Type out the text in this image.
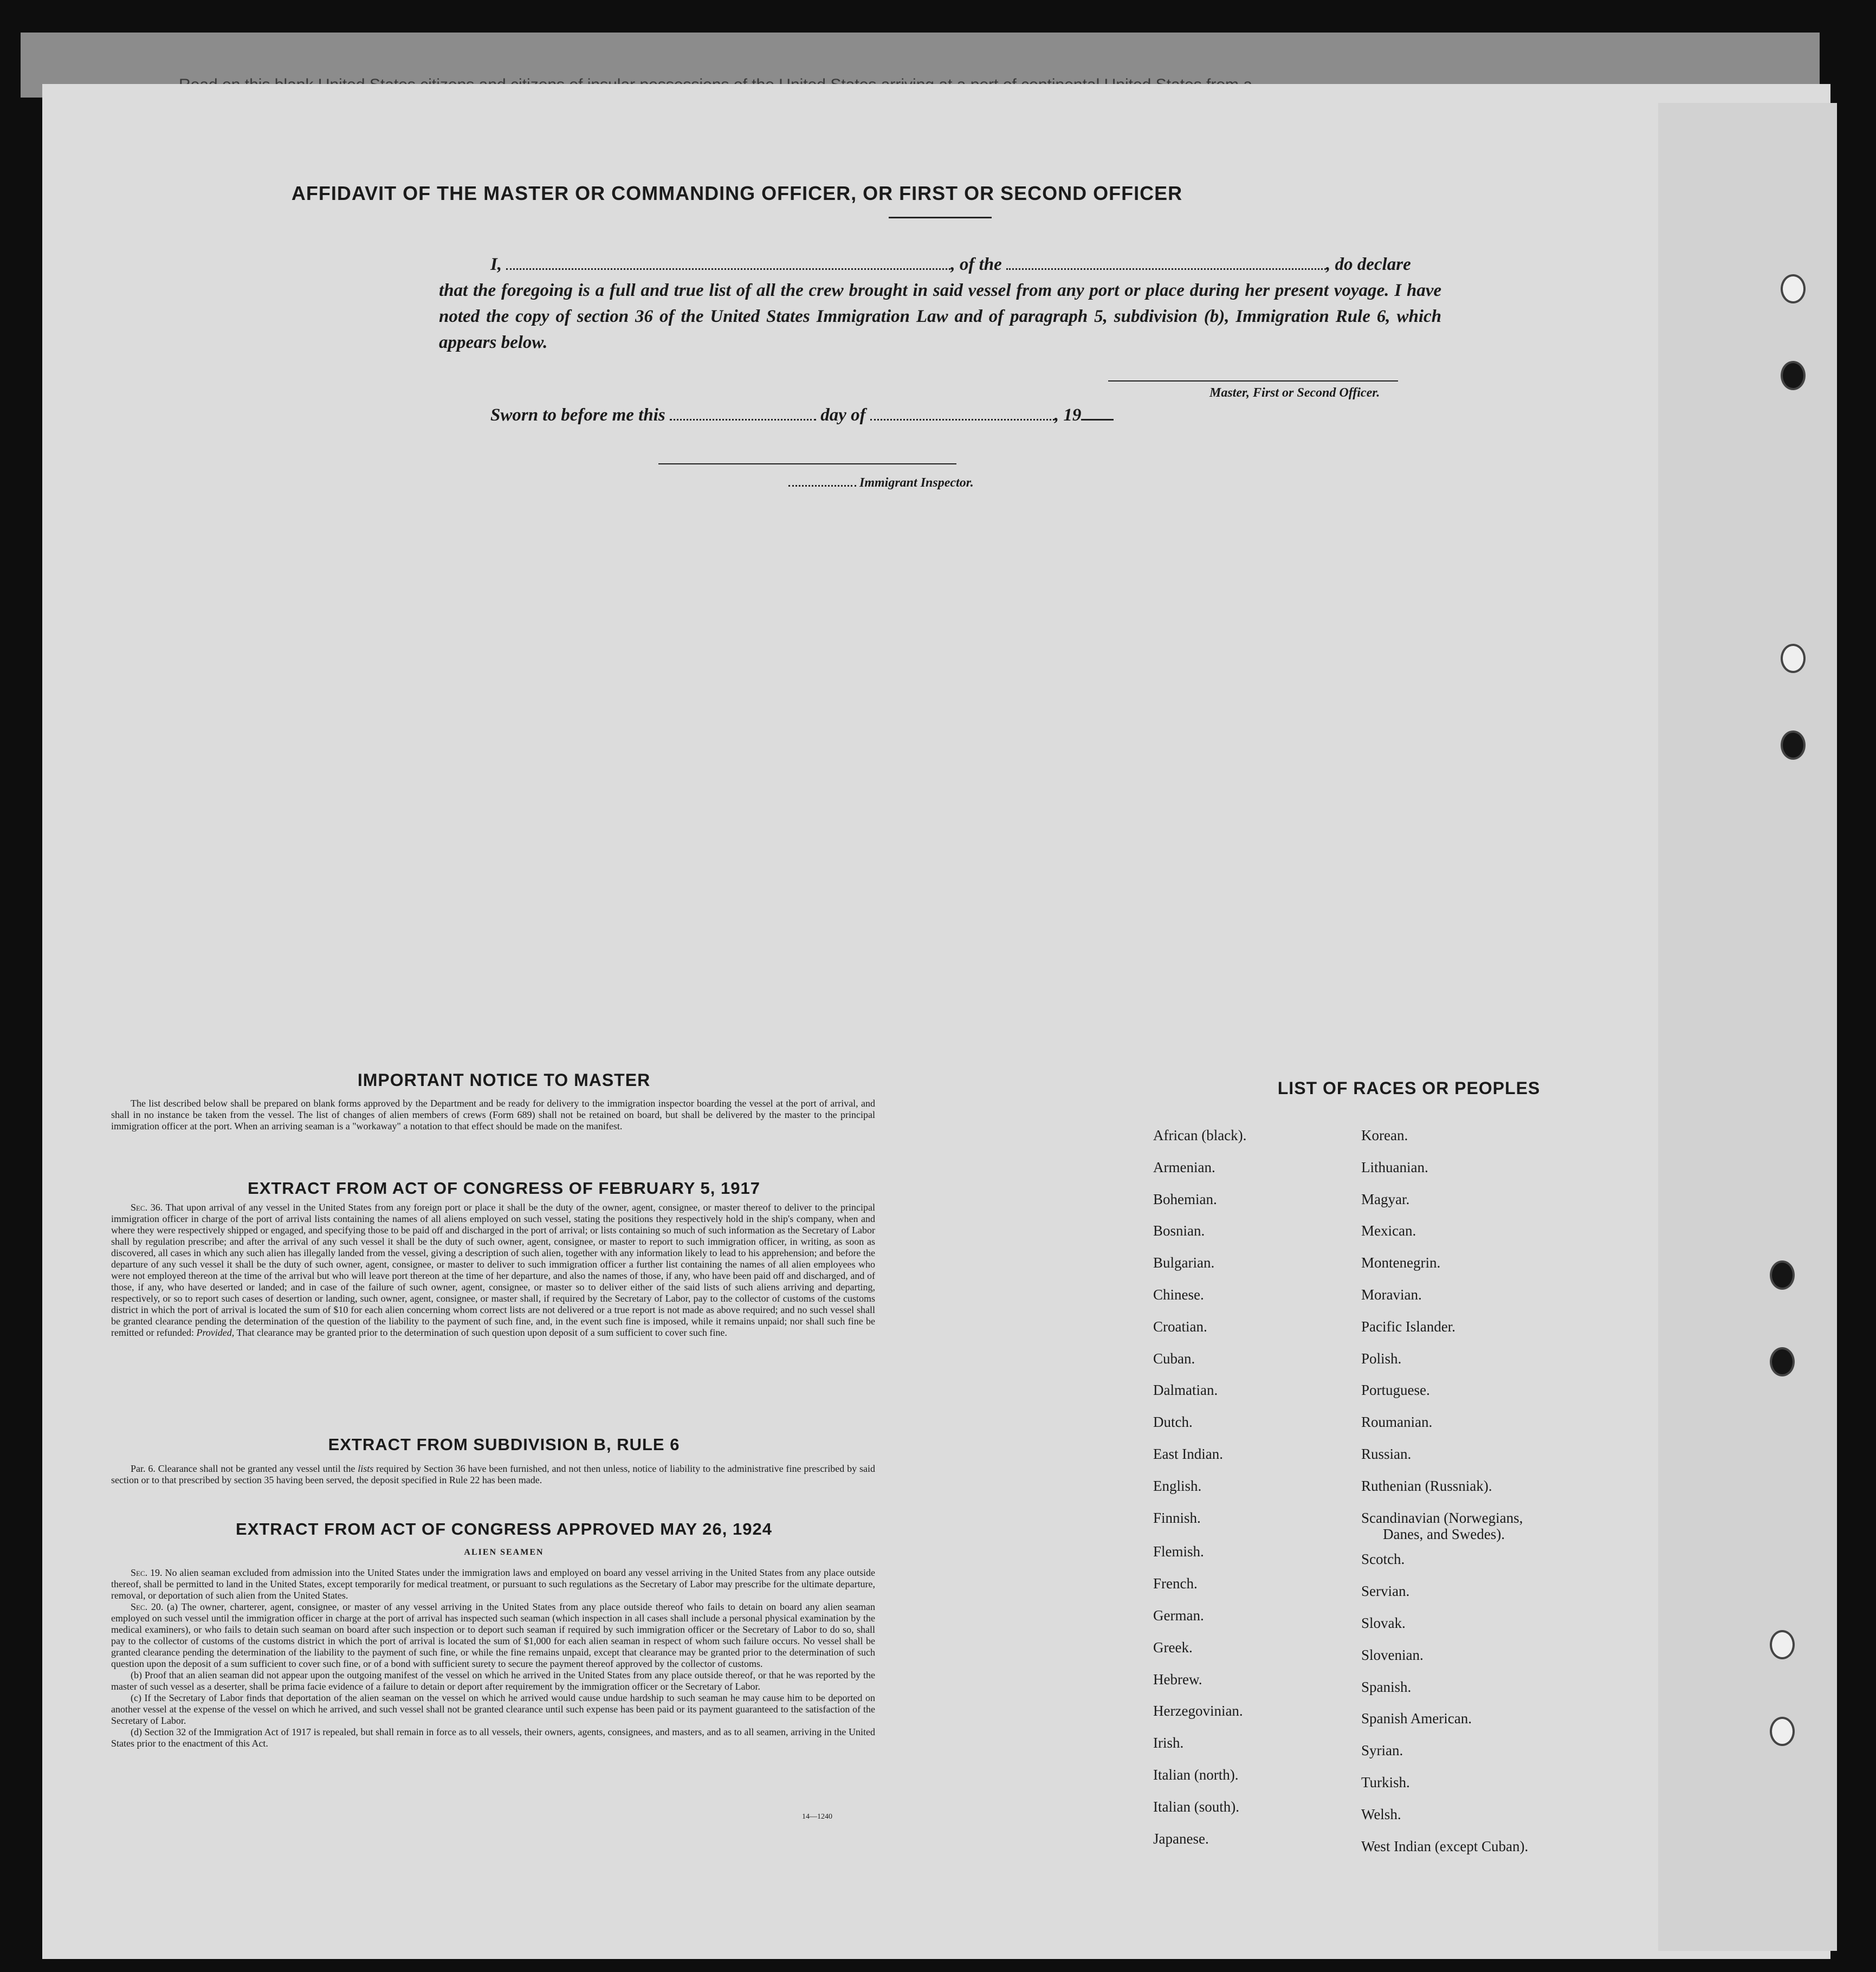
AFFIDAVIT OF THE MASTER OR COMMANDING OFFICER, OR FIRST OR SECOND OFFICER
I,	, of the	, do declare
that the foregoing is a full and true list of all the crew brought in said vessel from any port or place during her present voyage. I have noted the copy of section 36 of the United States Immigration Law and of paragraph 5, subdivision (b), Immigration Rule 6, which appears below.
Master, First or Second Officer.
Sworn to before me this	day of	, 19
Immigrant Inspector.
IMPORTANT NOTICE TO MASTER

The list described below shall be prepared on blank forms approved by the Department and be ready for delivery to the immigration inspector boarding the vessel at the port of arrival, and shall in no instance be taken from the vessel. The list of changes of alien members of crews (Form 689) shall not be retained on board, but shall be delivered by the master to the principal immigration officer at the port. When an arriving seaman is a "workaway" a notation to that effect should be made on the manifest.

EXTRACT FROM ACT OF CONGRESS OF FEBRUARY 5, 1917

Sec. 36. That upon arrival of any vessel in the United States from any foreign port or place it shall be the duty of the owner, agent, consignee, or master thereof to deliver to the principal immigration officer in charge of the port of arrival lists containing the names of all aliens employed on such vessel, stating the positions they respectively hold in the ship's company, when and where they were respectively shipped or engaged, and specifying those to be paid off and discharged in the port of arrival; or lists containing so much of such information as the Secretary of Labor shall by regulation prescribe; and after the arrival of any such vessel it shall be the duty of such owner, agent, consignee, or master to report to such immigration officer, in writing, as soon as discovered, all cases in which any such alien has illegally landed from the vessel, giving a description of such alien, together with any information likely to lead to his apprehension; and before the departure of any such vessel it shall be the duty of such owner, agent, consignee, or master to deliver to such immigration officer a further list containing the names of all alien employees who were not employed thereon at the time of the arrival but who will leave port thereon at the time of her departure, and also the names of those, if any, who have been paid off and discharged, and of those, if any, who have deserted or landed; and in case of the failure of such owner, agent, consignee, or master so to deliver either of the said lists of such aliens arriving and departing, respectively, or so to report such cases of desertion or landing, such owner, agent, consignee, or master shall, if required by the Secretary of Labor, pay to the collector of customs of the customs district in which the port of arrival is located the sum of $10 for each alien concerning whom correct lists are not delivered or a true report is not made as above required; and no such vessel shall be granted clearance pending the determination of the question of the liability to the payment of such fine, and, in the event such fine is imposed, while it remains unpaid; nor shall such fine be remitted or refunded: Provided, That clearance may be granted prior to the determination of such question upon deposit of a sum sufficient to cover such fine.

EXTRACT FROM SUBDIVISION B, RULE 6

Par. 6. Clearance shall not be granted any vessel until the lists required by Section 36 have been furnished, and not then unless, notice of liability to the administrative fine prescribed by said section or to that prescribed by section 35 having been served, the deposit specified in Rule 22 has been made.

EXTRACT FROM ACT OF CONGRESS APPROVED MAY 26, 1924
ALIEN SEAMEN

Sec. 19. No alien seaman excluded from admission into the United States under the immigration laws and employed on board any vessel arriving in the United States from any place outside thereof, shall be permitted to land in the United States, except temporarily for medical treatment, or pursuant to such regulations as the Secretary of Labor may prescribe for the ultimate departure, removal, or deportation of such alien from the United States.

Sec. 20. (a) The owner, charterer, agent, consignee, or master of any vessel arriving in the United States from any place outside thereof who fails to detain on board any alien seaman employed on such vessel until the immigration officer in charge at the port of arrival has inspected such seaman (which inspection in all cases shall include a personal physical examination by the medical examiners), or who fails to detain such seaman on board after such inspection or to deport such seaman if required by such immigration officer or the Secretary of Labor to do so, shall pay to the collector of customs of the customs district in which the port of arrival is located the sum of $1,000 for each alien seaman in respect of whom such failure occurs. No vessel shall be granted clearance pending the determination of the liability to the payment of such fine, or while the fine remains unpaid, except that clearance may be granted prior to the determination of such question upon the deposit of a sum sufficient to cover such fine, or of a bond with sufficient surety to secure the payment thereof approved by the collector of customs.

(b) Proof that an alien seaman did not appear upon the outgoing manifest of the vessel on which he arrived in the United States from any place outside thereof, or that he was reported by the master of such vessel as a deserter, shall be prima facie evidence of a failure to detain or deport after requirement by the immigration officer or the Secretary of Labor.

(c) If the Secretary of Labor finds that deportation of the alien seaman on the vessel on which he arrived would cause undue hardship to such seaman he may cause him to be deported on another vessel at the expense of the vessel on which he arrived, and such vessel shall not be granted clearance until such expense has been paid or its payment guaranteed to the satisfaction of the Secretary of Labor.

(d) Section 32 of the Immigration Act of 1917 is repealed, but shall remain in force as to all vessels, their owners, agents, consignees, and masters, and as to all seamen, arriving in the United States prior to the enactment of this Act.

14—1240
LIST OF RACES OR PEOPLES
African (black).
Armenian.
Bohemian.
Bosnian.
Bulgarian.
Chinese.
Croatian.
Cuban.
Dalmatian.
Dutch.
East Indian.
English.
Finnish.
Flemish.
French.
German.
Greek.
Hebrew.
Herzegovinian.
Irish.
Italian (north).
Italian (south).
Japanese.
Korean.
Lithuanian.
Magyar.
Mexican.
Montenegrin.
Moravian.
Pacific Islander.
Polish.
Portuguese.
Roumanian.
Russian.
Ruthenian (Russniak).
Scandinavian (Norwegians,
Scotch.
Servian.
Slovak.
Slovenian.
Spanish.
Spanish American.
Syrian.
Turkish.
Welsh.
West Indian (except Cuban).
Danes, and Swedes).
